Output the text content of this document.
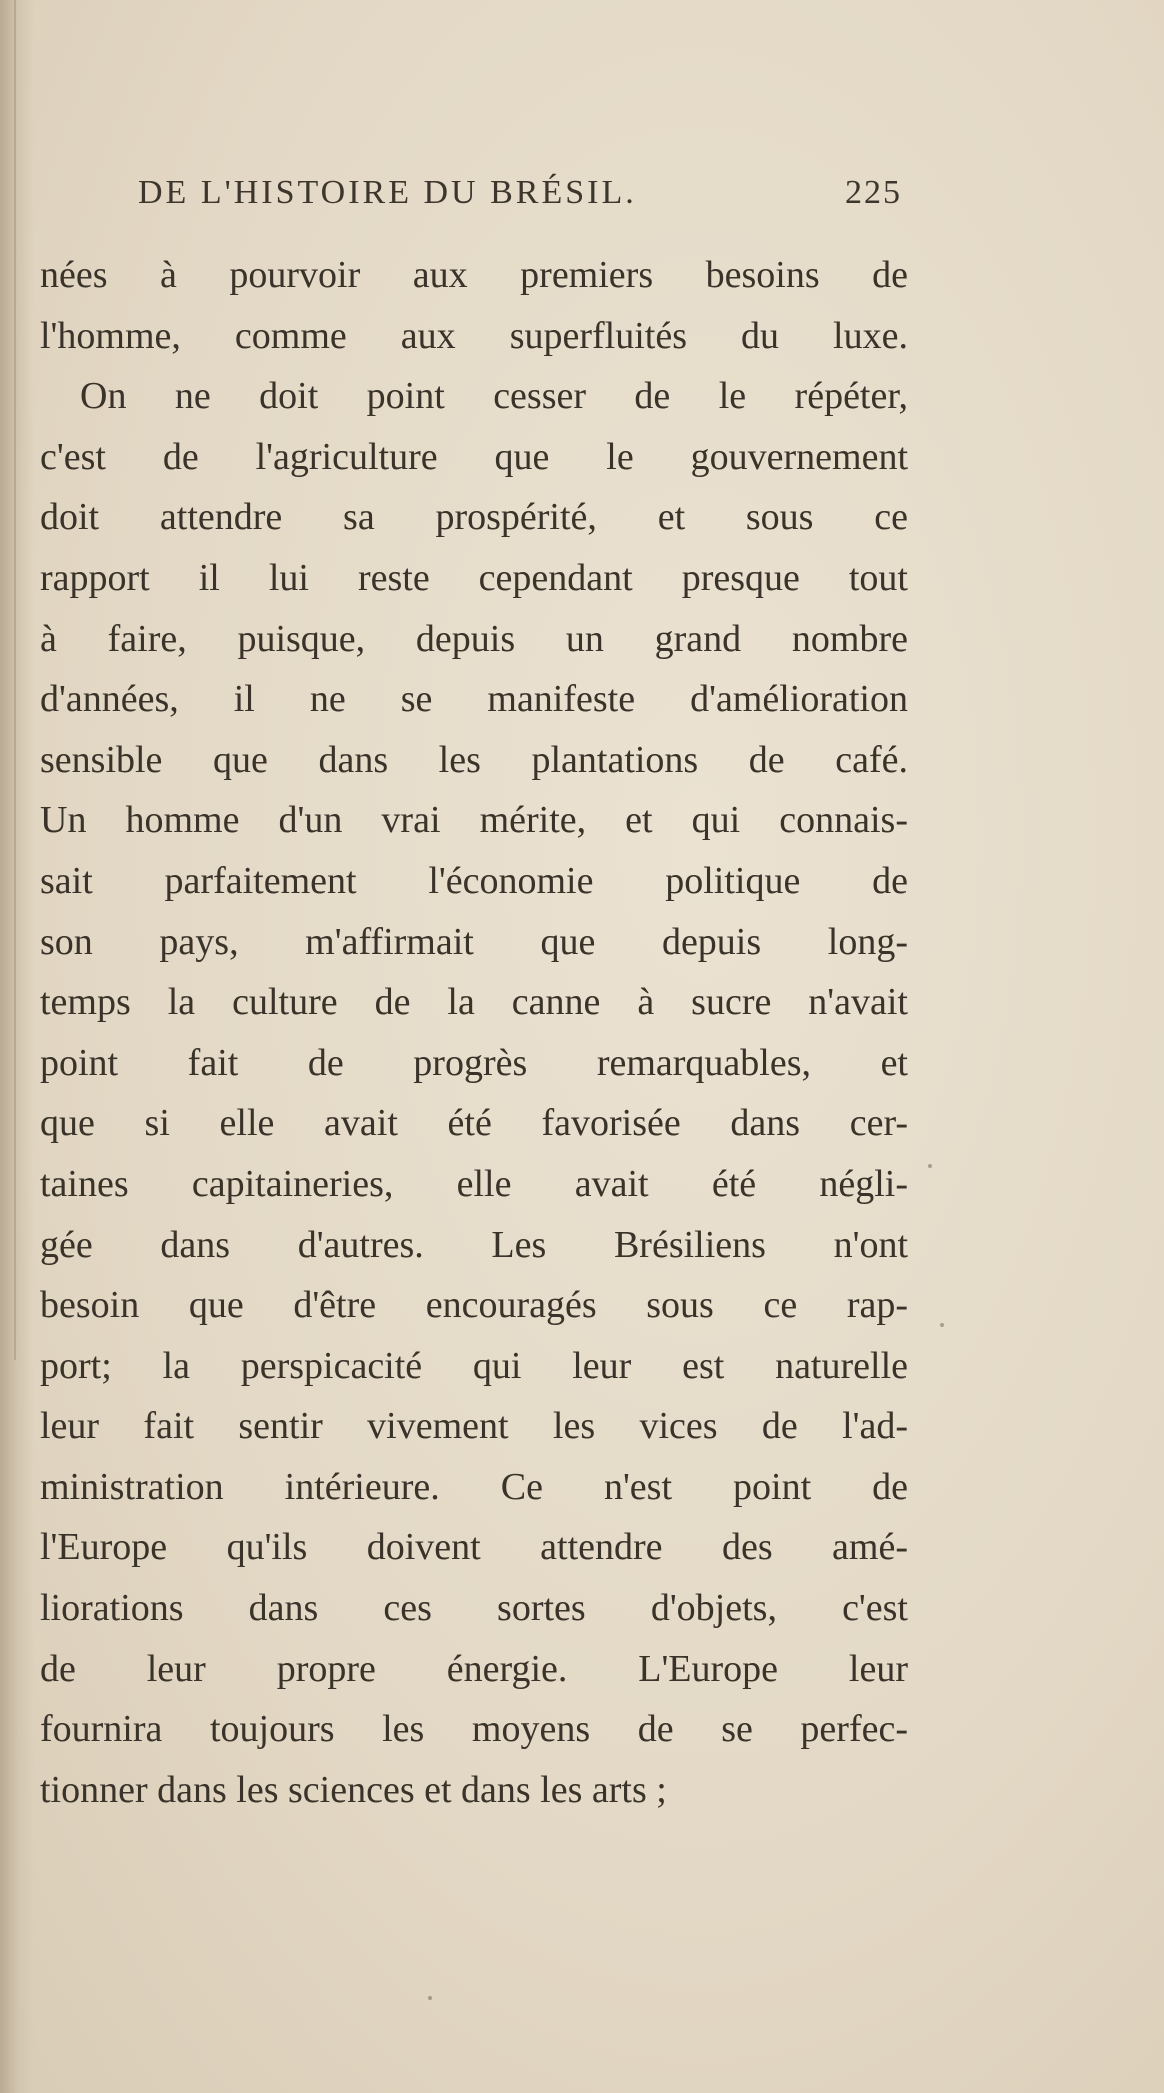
DE L'HISTOIRE DU BRÉSIL.	225
nées à pourvoir aux premiers besoins de
l'homme, comme aux superfluités du luxe.
On ne doit point cesser de le répéter,
c'est de l'agriculture que le gouvernement
doit attendre sa prospérité, et sous ce
rapport il lui reste cependant presque tout
à faire, puisque, depuis un grand nombre
d'années, il ne se manifeste d'amélioration
sensible que dans les plantations de café.
Un homme d'un vrai mérite, et qui connais-
sait parfaitement l'économie politique de
son pays, m'affirmait que depuis long-
temps la culture de la canne à sucre n'avait
point fait de progrès remarquables, et
que si elle avait été favorisée dans cer-
taines capitaineries, elle avait été négli-
gée dans d'autres. Les Brésiliens n'ont
besoin que d'être encouragés sous ce rap-
port; la perspicacité qui leur est naturelle
leur fait sentir vivement les vices de l'ad-
ministration intérieure. Ce n'est point de
l'Europe qu'ils doivent attendre des amé-
liorations dans ces sortes d'objets, c'est
de leur propre énergie. L'Europe leur
fournira toujours les moyens de se perfec-
tionner dans les sciences et dans les arts ;
